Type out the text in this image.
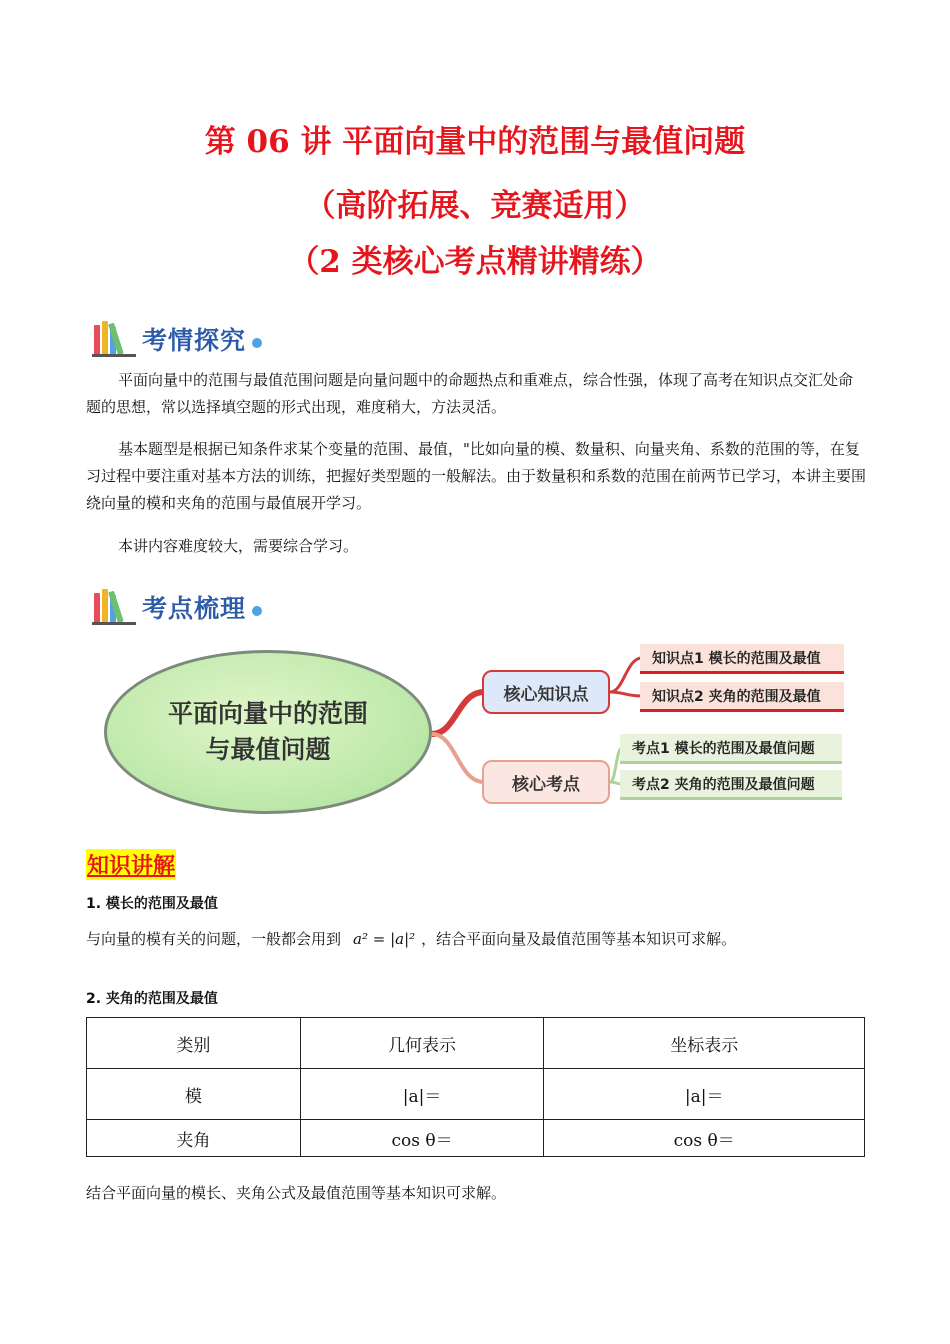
第 06 讲 平面向量中的范围与最值问题
（高阶拓展、竞赛适用）
（2 类核心考点精讲精练）
考情探究

平面向量中的范围与最值范围问题是向量问题中的命题热点和重难点，综合性强，体现了高考在知识点交汇处命题的思想，常以选择填空题的形式出现，难度稍大，方法灵活。

基本题型是根据已知条件求某个变量的范围、最值，"比如向量的模、数量积、向量夹角、系数的范围的等，在复习过程中要注重对基本方法的训练，把握好类型题的一般解法。由于数量积和系数的范围在前两节已学习，本讲主要围绕向量的模和夹角的范围与最值展开学习。

本讲内容难度较大，需要综合学习。

考点梳理
平面向量中的范围
与最值问题
核心知识点
核心考点
知识点1 模长的范围及最值
知识点2 夹角的范围及最值
考点1 模长的范围及最值问题
考点2 夹角的范围及最值问题
知识讲解
1. 模长的范围及最值
与向量的模有关的问题，一般都会用到 a² = |a|² ，结合平面向量及最值范围等基本知识可求解。
2. 夹角的范围及最值
类别	几何表示	坐标表示
模	|a|＝	|a|＝
夹角	cos θ＝	cos θ＝
结合平面向量的模长、夹角公式及最值范围等基本知识可求解。
